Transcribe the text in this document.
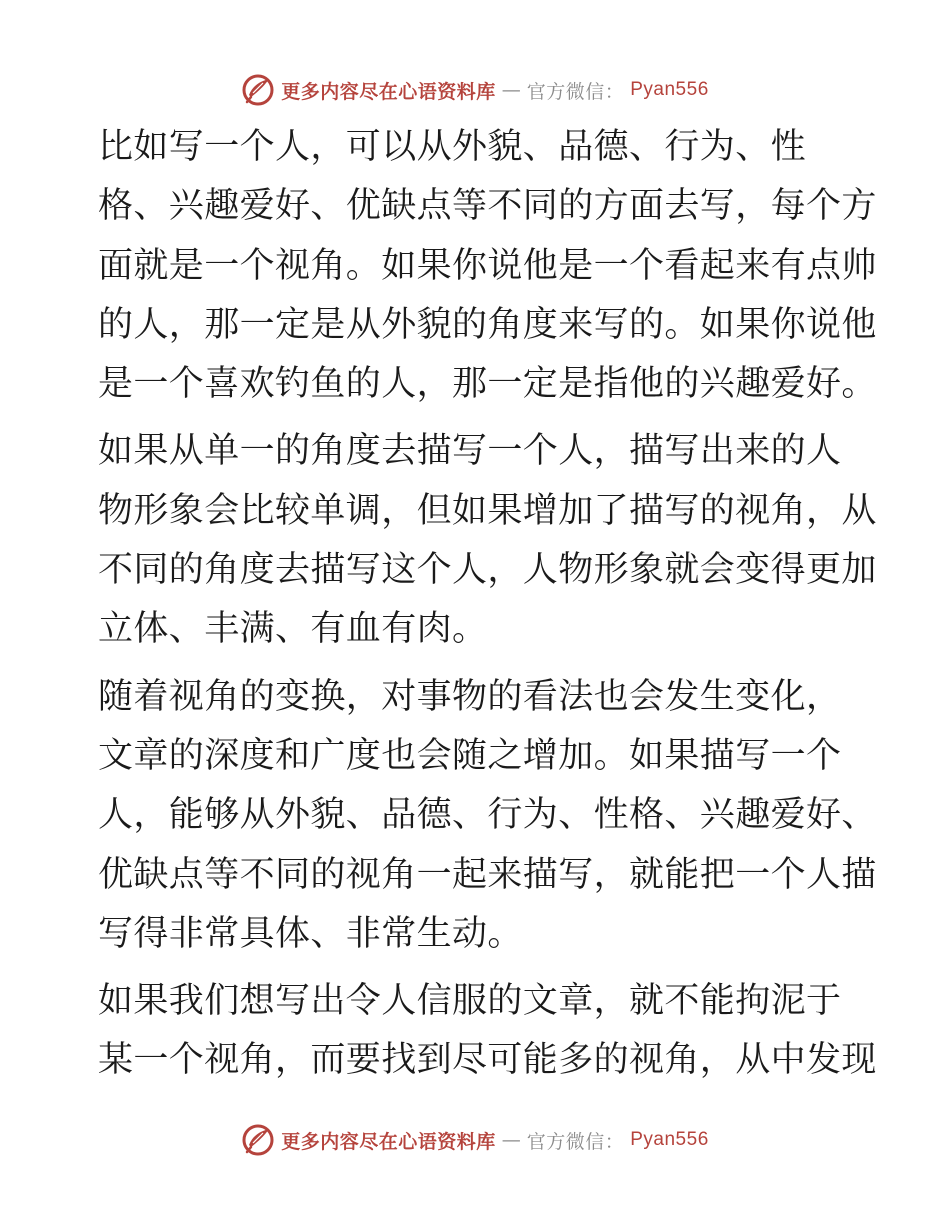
更多内容尽在心语资料库 — 官方微信： Pyan556

比如写一个人，可以从外貌、品德、行为、性
格、兴趣爱好、优缺点等不同的方面去写，每个方
面就是一个视角。如果你说他是一个看起来有点帅
的人，那一定是从外貌的角度来写的。如果你说他
是一个喜欢钓鱼的人，那一定是指他的兴趣爱好。

如果从单一的角度去描写一个人，描写出来的人
物形象会比较单调，但如果增加了描写的视角，从
不同的角度去描写这个人，人物形象就会变得更加
立体、丰满、有血有肉。

随着视角的变换，对事物的看法也会发生变化，
文章的深度和广度也会随之增加。如果描写一个
人，能够从外貌、品德、行为、性格、兴趣爱好、
优缺点等不同的视角一起来描写，就能把一个人描
写得非常具体、非常生动。

如果我们想写出令人信服的文章，就不能拘泥于
某一个视角，而要找到尽可能多的视角，从中发现

更多内容尽在心语资料库 — 官方微信： Pyan556
